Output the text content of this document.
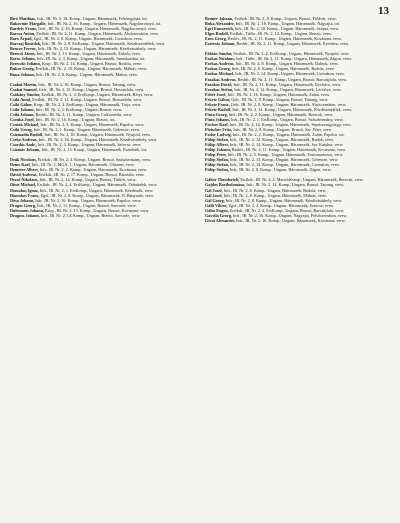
13

Bíró Matthias, Infr., IR. Nr. 3, 18. Komp., Ungarn, Háromszék, Fehéregyház, tot.

Bukovinir Margalie, Infr., IR. Nr. 2, 16. Komp., Ungarn, Háromszék, Nagyborosnyó, tot.

Bardely Franz, Gefr., IR. Nr. 2, 16. Komp., Ungarn, Háromszék, Nagyborosnyó, verw.

Barcsa Anton, Ersfkdr., IR. Nr. 2, 11. Komp., Ungarn, Háromszék, Alsócsernáton, verw.

Baro Árpád, Zgsf., IR. Nr. 2, 8. Komp., Ungarn, Háromszék, Csernáton, verw.

Barcsaj Benedek, Infr., IR. Nr. 2, 8. ErsKomp., Ungarn, Háromszék, Kézdiszentlélek, verw.

Bencze Ferenc, Infr., IR. Nr. 2, 13. Komp., Ungarn, Háromszék, Kézdivásárhely, verw.

Bereczi János, Infr., IR. Nr. 2, 13. Komp., Ungarn, Háromszék, Zabola, verw.

Boros Johann, Infr., IR. Nr. 2, 3. Komp., Ungarn, Háromszék, Szentkatolna, tot.

Bereczki Johann, Korp., IR. Nr. 2, 14. Komp., Ungarn, Brassó, Bodola, verw.

Bukor Georg, Ersfkdr., IR. Nr. 2, 10. Komp., Ungarn, Háromszék, Málnás, verw.

Buna Johann, Infr., IR. Nr. 2, 8. Komp., Ungarn, Háromszék, Maksa, verw.

Csabai Martin, Infr., IR. Nr. 2, 16. Komp., Ungarn, Brassó, Tatrang, verw.

Csabai Samuel, Gefr., IR. Nr. 2, 15. Komp., Ungarn, Brassó, Hosszúfalu, verw.

Csákány Sándor, Ersfkdr., IR. Nr. 2, 4. ErsKomp., Ungarn, Háromszék, Rétyi, verw.

Csiki Antal, Ersfkdr., IR. Nr. 2, 11. Komp., Ungarn, Brassó, Hosszúfalu, verw.

Csiki Gábor, Korp., IR. Nr. 2, 2. ErsKomp., Ungarn, Háromszék, Torja, verw.

Csiki Johann, Infr., IR. Nr. 2, 2. ErsKomp., Ungarn, Brassó, verw.

Csiki Johann, Reshfr., IR. Nr. 2, 11. Komp., Ungarn, Csíkszereda, verw.

Csonka Josef, Infr., IR. Nr. 2, 16. Komp., Ungarn, Brassó, tot.

Csutak Michael, Infr., IR. Nr. 2, 5. Komp., Ungarn, Háromszék, Papolcz, verw.

Csiki Georg, Infr., IR. Nr. 2, 1. Komp., Ungarn, Háromszék, Gelencze, verw.

Csizmadia Rudolf, Infr., IR. Nr. 2, 10. Komp., Ungarn, Háromszék, Nyujtód, verw.

Cseke Andreas, Infr., IR. Nr. 2, 16. Komp., Ungarn, Háromszék, Kézdivásárhely, verw.

Csordás Andr., Infr., IR. Nr. 2, 3. Komp., Ungarn, Háromszék, Szörcse, verw.

Csizmár Johann, Infr., IR. Nr. 2, 13. Komp., Ungarn, Háromszék, Esztelnek, tot.

Deák Nicolaus, Ersfkdr., IR. Nr. 2, 4. Komp., Ungarn, Brassó, Szászhermány, verw.

Deme Karl, Infr., IR. Nr. 2, MGA. 1, Ungarn, Háromszék, Oltszem, verw.

Demeter Albert, Infr., IR. Nr. 2, 2. Komp., Ungarn, Háromszék, Kovászna, verw.

Dávid Andreas, Ersfkdr., IR. Nr. 2, 17. Komp., Ungarn, Brassó, Bácsfalu, verw.

Dezső Nikolaus, Infr., IR. Nr. 2, 14. Komp., Ungarn, Brassó, Türkös, verw.

Dimé Michael, Ersfkdr., IR. Nr. 2, 4. ErsKomp., Ungarn, Háromszék, Orbaitelek, verw.

Domokos Ignaz, Infr., IR. Nr. 2, 1. ErsKomp., Ungarn, Háromszék, Kézdiszék, verw.

Domokos Franz, Zgsf., IR. Nr. 2, 8. Komp., Ungarn, Háromszék, N. Bányavár, verw.

Dósa Johann, Infr., IR. Nr. 2, 16. Komp., Ungarn, Háromszék, Papolcz, verw.

Dragos Georg, Infr., IR. Nr. 2, 11. Komp., Ungarn, Brassó, Szecsele, verw.

Dulemann Johann, Korp., IR. Nr. 2, 13. Komp., Ungarn, Brassó, Kovászna, verw.

Dragoss Johann, Infr., IR. Nr. 2, 14. Komp., Ungarn, Brassó, Szecsele, verw.

Bruner Johann, Ersfkdr., IR. Nr. 2, 8. Komp., Ungarn, Brassó, Földvár, verw.

Buka Alexander, Infr., IR. Nr. 2, 16. Komp., Ungarn, Háromszék, Nagyajta, tot.

Egri Emmerich, Infr., IR. Nr. 2, 10. Komp., Ungarn, Háromszék, Szépsz, verw.

Elges Rudolf, Ersfkdr., Titfhr., IR. Nr. 2, 14. Komp., Ungarn, Brassó, verw.

Enes Georg, Reshfr., IR. Nr. 2, 11. Komp., Ungarn, Háromszék, Kovászna, verw.

Eszterás Johann, Reshfr., IR. Nr. 2, 11. Komp., Ungarn, Háromszék, Ilyefalva, verw.

Fábián Sándor, Ersfkdr., IR. Nr. 2, 2. ErsKomp., Ungarn, Háromszék, Nyujtód, verw.

Farkas Nicolaus, Infr., Titfhr., IR. Nr. 2, 11. Komp., Ungarn, Háromszék, Zágon, verw.

Farkas Andreas, Infr., IR. Nr. 2, 8. Komp., Ungarn, Háromszék, Dalnok, verw.

Farkas Georg, Infr., IR. Nr. 2, 8. Komp., Ungarn, Háromszék, Bodola, verw.

Farkas Michael, Infr., IR. Nr. 2, 14. Komp., Ungarn, Háromszék, Csernáton, verw.

Fazakas Andreas, Reshfr., IR. Nr. 2, 11. Komp., Ungarn, Brassó, Barcaújfalu, verw.

Fazakas Dávid, Infr., IR. Nr. 2, 11. Komp., Ungarn, Háromszék, Ilyefalva, verw.

Fazakas Stefan, Infr., IR. Nr. 2, 14. Komp., Ungarn, Háromszék, Lécfalva, verw.

Fehér Josef, Infr., IR. Nr. 2, 16. Komp., Ungarn, Háromszék, Zalán, verw.

Fekete Gábor, Gefr., IR. Nr. 2, 8. Komp., Ungarn, Brassó, Tatrang, verw.

Fekete Franz, Gefr., IR. Nr. 2, 8. Komp., Ungarn, Háromszék, Alsócsernáton, verw.

Fekete Rudolf, Infr., IR. Nr. 2, 14. Komp., Ungarn, Háromszék, Kézdiszentlélek, verw.

Finta Georg, Infr., IR. Nr. 2, 2. Komp., Ungarn, Háromszék, Bereczk, verw.

Finta Johann, Infr., IR. Nr. 2, 1. ErsKomp., Ungarn, Brassó, Szászhermány, verw.

Fischer Karl, Infr., IR. Nr. 2, 16. Komp., Ungarn, Háromszék, Sepsiszentgyörgy, verw.

Fleischer Fritz, Infr., IR. Nr. 2, 9. Komp., Ungarn, Brassó, Szt. Péter, verw.

Fodor Ludwig, Infr., IR. Nr. 2, 2. Komp., Ungarn, Háromszék, Zalán, Papolcz, tot.

Fülöp Stefan, Infr., IR. Nr. 2, 12. Komp., Ungarn, Háromszék, Bodok, verw.

Fülöp Albert, Infr., IR. Nr. 2, 14. Komp., Ungarn, Háromszék, Szt. Katolna, verw.

Fülöp Johann, Reshfr., IR. Nr. 2, 11. Komp., Ungarn, Háromszék, Kovászna, verw.

Fülöp Peter, Infr., IR. Nr. 2, 5. Komp., Ungarn, Háromszék, Fotosmartonos, verw.

Fülöp Stefan, Infr., IR. Nr. 2, 13. Komp., Ungarn, Háromszék, Gelencze, verw.

Fülöp Stefan, Infr., IR. Nr. 2, 14. Komp., Ungarn, Háromszék, Csernáton, verw.

Fülöp Stefan, Infr., IR. Nr. 2, 8. Komp., Ungarn, Háromszék, Zágon, verw.

Gábor Theodorich, Ersfkdr., IR. Nr. 2, 4. MarschKomp., Ungarn, Háromszék, Bereczk, verw.

Gajdos Bartholomäus, Infr., IR. Nr. 2, 14. Komp., Ungarn, Brassó, Tatrang, verw.

Gál Josef, Infr., IR. Nr. 2, 8. Komp., Ungarn, Háromszék, Bodola, verw.

Gál Josef, Infr., IR. Nr. 2, 8. Komp., Ungarn, Háromszék, Málnás, verw.

Gál Georg, Infr., IR. Nr. 2, 8. Komp., Ungarn, Háromszék, Kézdivásárhely, verw.

Gálfi Viktor, Zgsf., IR. Nr. 2, 2. Komp., Ungarn, Háromszék, Szörcse, verw.

Gálos Eugen, Ersfkdr., IR. Nr. 2, 4. ErsKomp., Ungarn, Brassó, Barcaújfalu, verw.

Gavrila Georg, Infr., IR. Nr. 2, 16. Komp., Ungarn, Nagyajta, Felsőcsernáton, verw.

Géczi Alexander, Infr., IR. Nr. 2, 16. Komp., Ungarn, Háromszék, Kovászna, verw.
